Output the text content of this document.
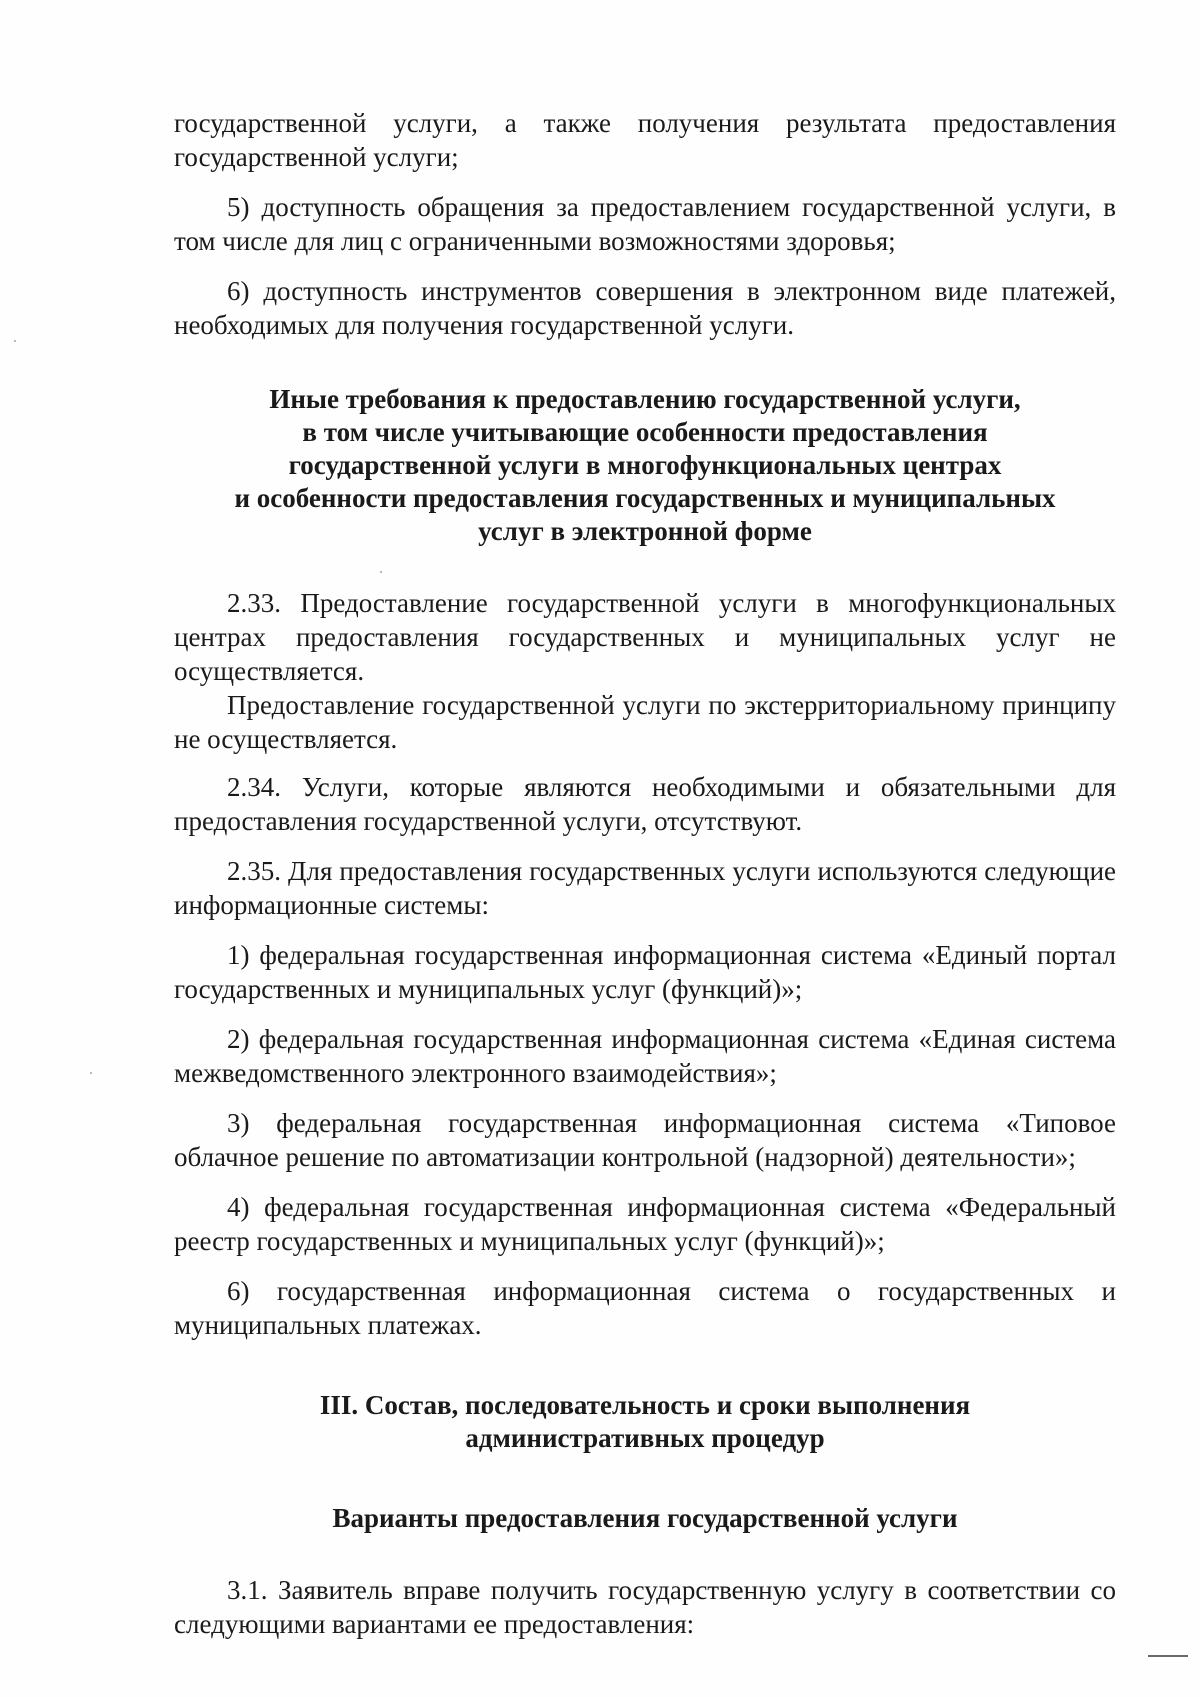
государственной услуги, а также получения результата предоставления государственной услуги;

5) доступность обращения за предоставлением государственной услуги, в том числе для лиц с ограниченными возможностями здоровья;

6) доступность инструментов совершения в электронном виде платежей, необходимых для получения государственной услуги.

Иные требования к предоставлению государственной услуги,
в том числе учитывающие особенности предоставления
государственной услуги в многофункциональных центрах
и особенности предоставления государственных и муниципальных
услуг в электронной форме

2.33. Предоставление государственной услуги в многофункциональных центрах предоставления государственных и муниципальных услуг не осуществляется.

Предоставление государственной услуги по экстерриториальному принципу не осуществляется.

2.34. Услуги, которые являются необходимыми и обязательными для предоставления государственной услуги, отсутствуют.

2.35. Для предоставления государственных услуги используются следующие информационные системы:

1) федеральная государственная информационная система «Единый портал государственных и муниципальных услуг (функций)»;

2) федеральная государственная информационная система «Единая система межведомственного электронного взаимодействия»;

3) федеральная государственная информационная система «Типовое облачное решение по автоматизации контрольной (надзорной) деятельности»;

4) федеральная государственная информационная система «Федеральный реестр государственных и муниципальных услуг (функций)»;

6) государственная информационная система о государственных и муниципальных платежах.

III. Состав, последовательность и сроки выполнения
административных процедур
Варианты предоставления государственной услуги

3.1. Заявитель вправе получить государственную услугу в соответствии со следующими вариантами ее предоставления:
